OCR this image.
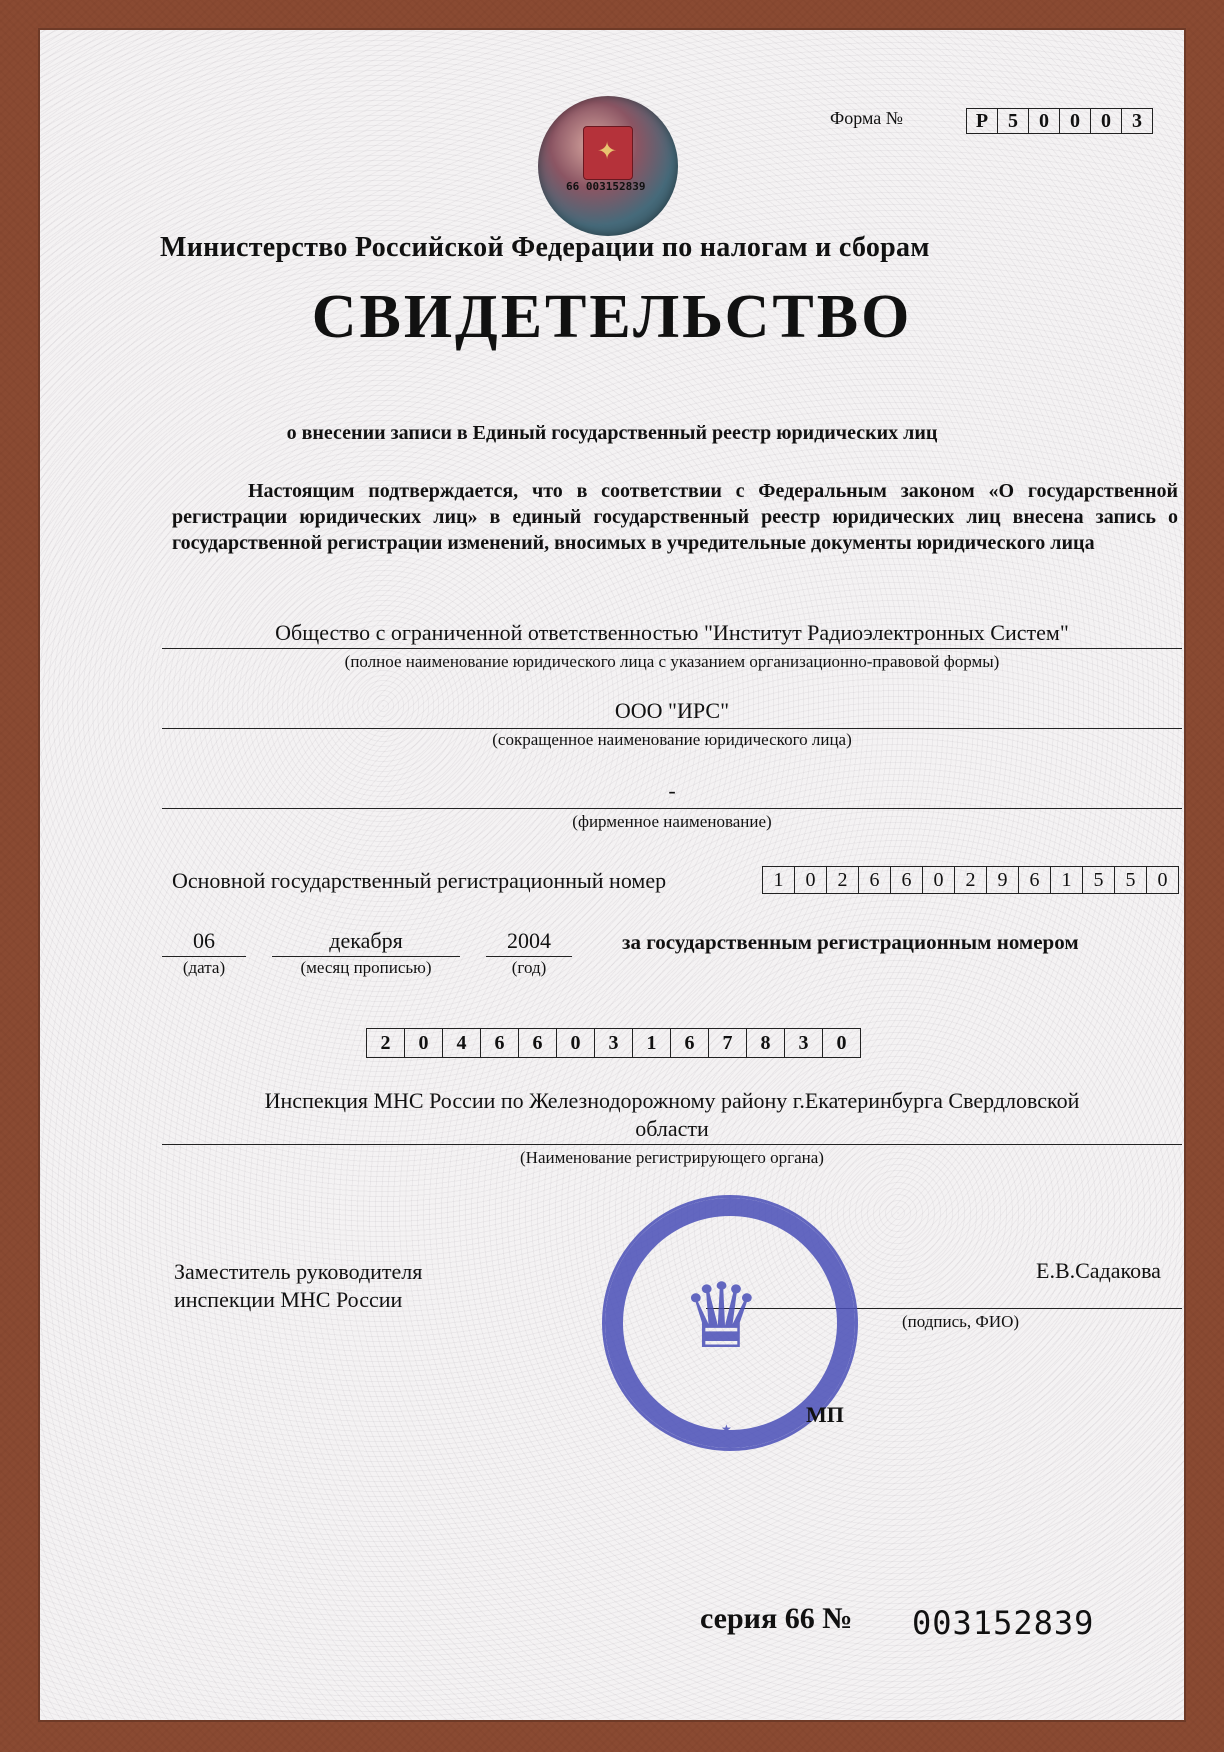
✦
66 003152839
Форма №	Р 5	0	0	0	3
Министерство Российской Федерации по налогам и сборам
СВИДЕТЕЛЬСТВО
о внесении записи в Единый государственный реестр юридических лиц
Настоящим подтверждается, что в соответствии с Федеральным законом «О государственной регистрации юридических лиц» в единый государственный реестр юридических лиц внесена запись о государственной регистрации изменений, вносимых в учредительные документы юридического лица
Общество с ограниченной ответственностью "Институт Радиоэлектронных Систем"
(полное наименование юридического лица с указанием организационно-правовой формы)
ООО "ИРС"
(сокращенное наименование юридического лица)
-
(фирменное наименование)
Основной государственный регистрационный номер	1	0	2	6	6	0	2	9	6	1	5	5	0
06
(дата)
декабря
(месяц прописью)
2004
(год)
за государственным регистрационным номером
2	0	4	6	6	0	3	1	6	7	8	3	0
Инспекция МНС России по Железнодорожному району г.Екатеринбурга Свердловской
области
(Наименование регистрирующего органа)
Заместитель руководителя
инспекции МНС России
Е.В.Садакова
(подпись, ФИО)
♛
★
МП
серия 66 № 003152839
